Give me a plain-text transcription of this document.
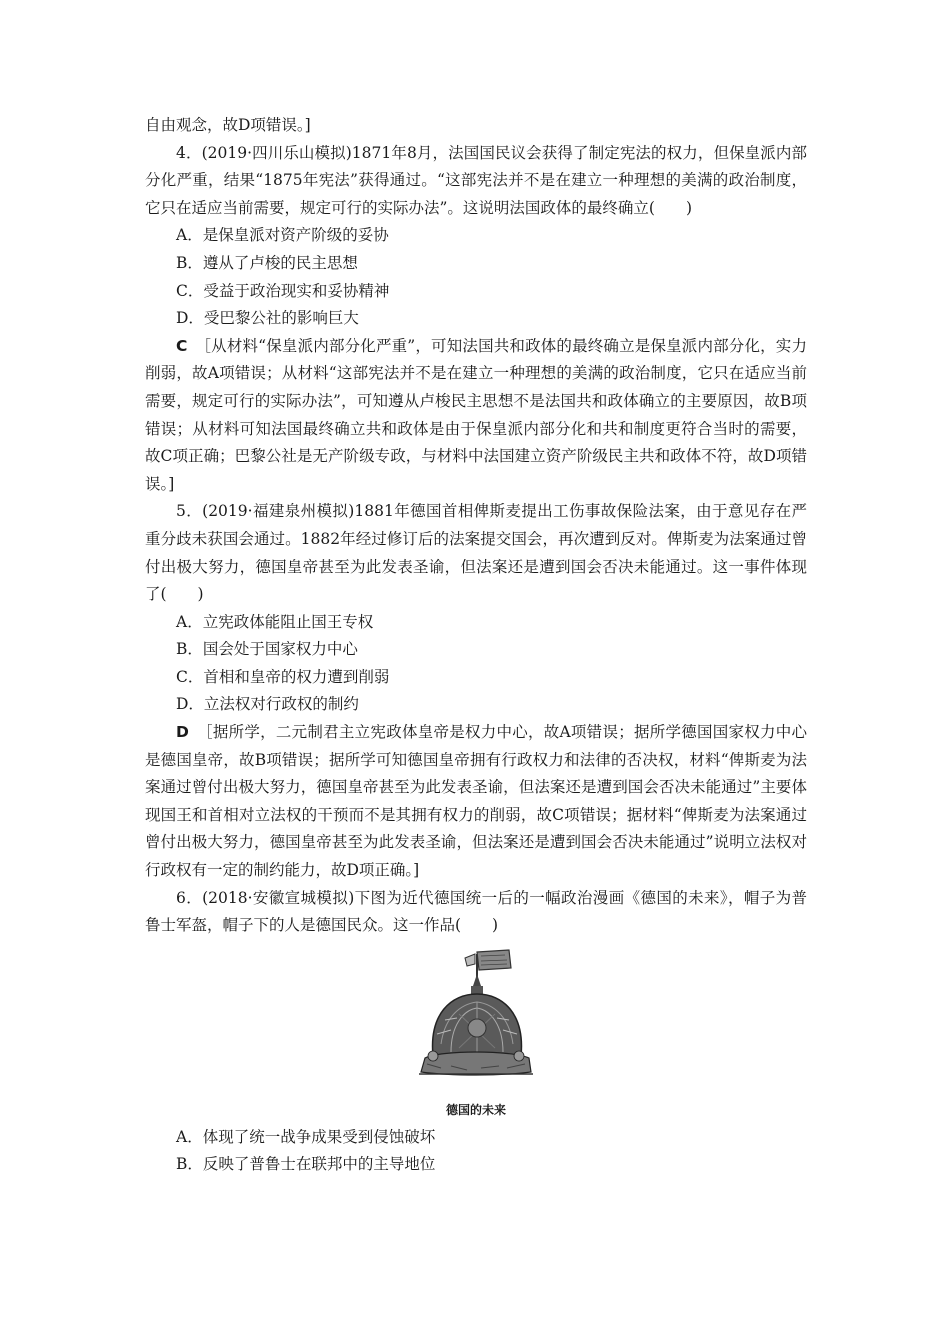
自由观念，故D项错误。]

4．(2019·四川乐山模拟)1871年8月，法国国民议会获得了制定宪法的权力，但保皇派内部分化严重，结果“1875年宪法”获得通过。“这部宪法并不是在建立一种理想的美满的政治制度，它只在适应当前需要，规定可行的实际办法”。这说明法国政体的最终确立(　　)

A．是保皇派对资产阶级的妥协

B．遵从了卢梭的民主思想

C．受益于政治现实和妥协精神

D．受巴黎公社的影响巨大

C　 ［从材料“保皇派内部分化严重”，可知法国共和政体的最终确立是保皇派内部分化，实力削弱，故A项错误；从材料“这部宪法并不是在建立一种理想的美满的政治制度，它只在适应当前需要，规定可行的实际办法”，可知遵从卢梭民主思想不是法国共和政体确立的主要原因，故B项错误；从材料可知法国最终确立共和政体是由于保皇派内部分化和共和制度更符合当时的需要，故C项正确；巴黎公社是无产阶级专政，与材料中法国建立资产阶级民主共和政体不符，故D项错误。]

5．(2019·福建泉州模拟)1881年德国首相俾斯麦提出工伤事故保险法案，由于意见存在严重分歧未获国会通过。1882年经过修订后的法案提交国会，再次遭到反对。俾斯麦为法案通过曾付出极大努力，德国皇帝甚至为此发表圣谕，但法案还是遭到国会否决未能通过。这一事件体现了(　　)

A．立宪政体能阻止国王专权

B．国会处于国家权力中心

C．首相和皇帝的权力遭到削弱

D．立法权对行政权的制约

D　 ［据所学，二元制君主立宪政体皇帝是权力中心，故A项错误；据所学德国国家权力中心是德国皇帝，故B项错误；据所学可知德国皇帝拥有行政权力和法律的否决权，材料“俾斯麦为法案通过曾付出极大努力，德国皇帝甚至为此发表圣谕，但法案还是遭到国会否决未能通过”主要体现国王和首相对立法权的干预而不是其拥有权力的削弱，故C项错误；据材料“俾斯麦为法案通过曾付出极大努力，德国皇帝甚至为此发表圣谕，但法案还是遭到国会否决未能通过”说明立法权对行政权有一定的制约能力，故D项正确。]

6．(2018·安徽宣城模拟)下图为近代德国统一后的一幅政治漫画《德国的未来》，帽子为普鲁士军盔，帽子下的人是德国民众。这一作品(　　)

德国的未来

A．体现了统一战争成果受到侵蚀破坏

B．反映了普鲁士在联邦中的主导地位
